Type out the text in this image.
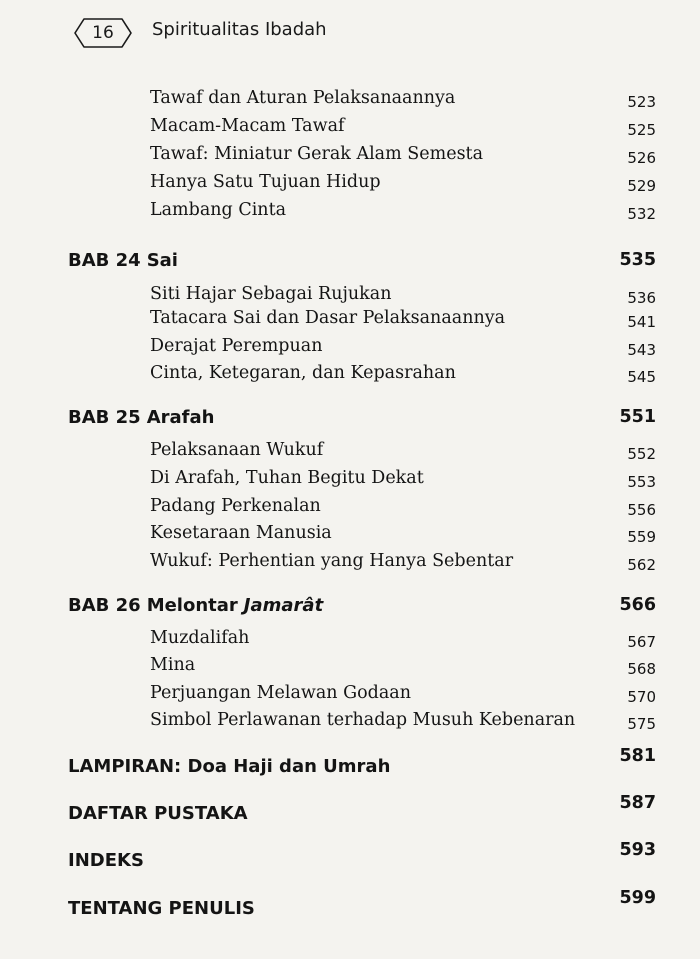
16	Spiritualitas Ibadah
Tawaf dan Aturan Pelaksanaannya	523
Macam-Macam Tawaf	525
Tawaf: Miniatur Gerak Alam Semesta	526
Hanya Satu Tujuan Hidup	529
Lambang Cinta	532
BAB 24 Sai	535
Siti Hajar Sebagai Rujukan	536
Tatacara Sai dan Dasar Pelaksanaannya	541
Derajat Perempuan	543
Cinta, Ketegaran, dan Kepasrahan	545
BAB 25 Arafah	551
Pelaksanaan Wukuf	552
Di Arafah, Tuhan Begitu Dekat	553
Padang Perkenalan	556
Kesetaraan Manusia	559
Wukuf: Perhentian yang Hanya Sebentar	562
BAB 26 Melontar Jamarât	566
Muzdalifah	567
Mina	568
Perjuangan Melawan Godaan	570
Simbol Perlawanan terhadap Musuh Kebenaran	575
LAMPIRAN: Doa Haji dan Umrah	581
DAFTAR PUSTAKA	587
INDEKS	593
TENTANG PENULIS	599
